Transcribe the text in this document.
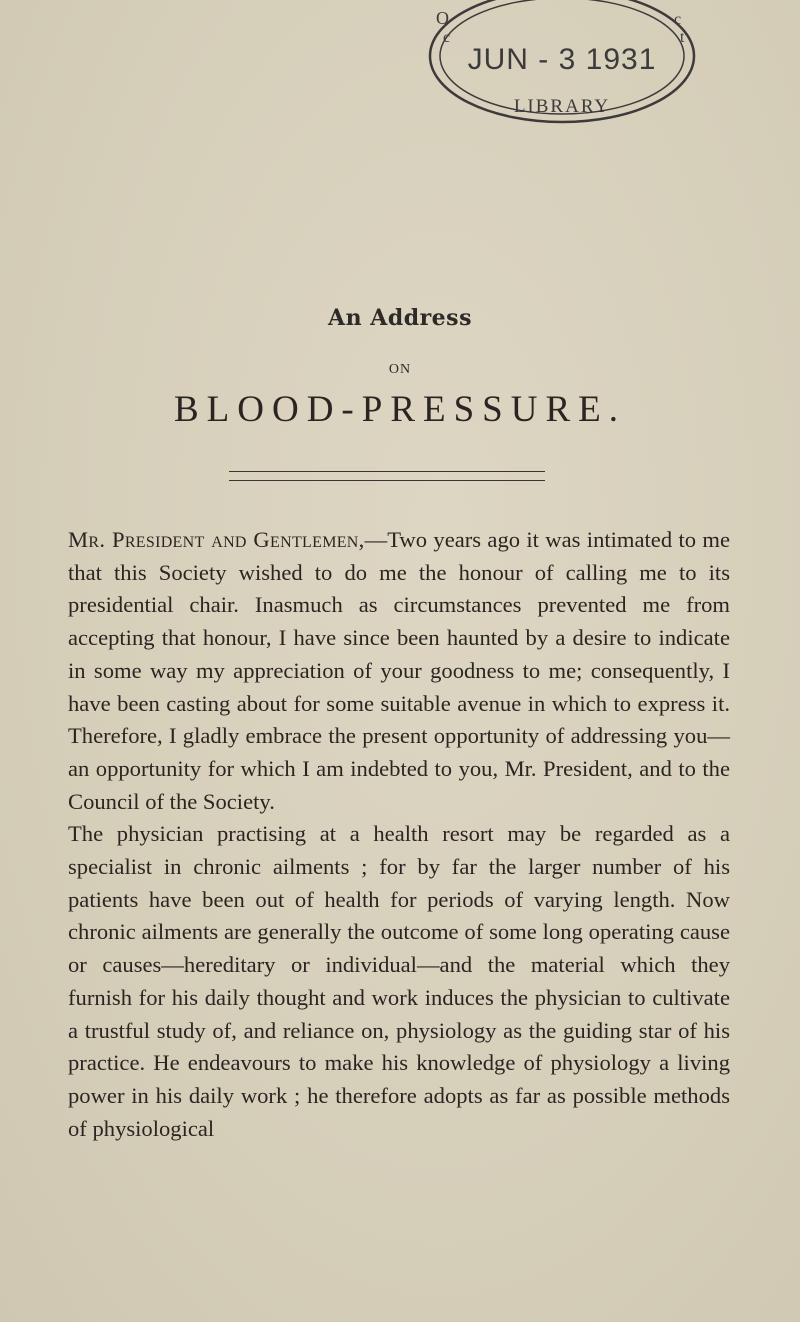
O
c
c
t
JUN - 3 1931
LIBRARY
An Address
ON
BLOOD-PRESSURE.

Mr. President and Gentlemen,—Two years ago it was intimated to me that this Society wished to do me the honour of calling me to its presidential chair. Inasmuch as circumstances prevented me from accepting that honour, I have since been haunted by a desire to indicate in some way my appreciation of your goodness to me; consequently, I have been casting about for some suitable avenue in which to express it. Therefore, I gladly embrace the present opportunity of addressing you—an opportunity for which I am indebted to you, Mr. President, and to the Council of the Society.

The physician practising at a health resort may be regarded as a specialist in chronic ailments ; for by far the larger number of his patients have been out of health for periods of varying length. Now chronic ailments are generally the outcome of some long operating cause or causes—hereditary or individual—and the material which they furnish for his daily thought and work induces the physician to cultivate a trustful study of, and reliance on, physiology as the guiding star of his practice. He endeavours to make his knowledge of physiology a living power in his daily work ; he therefore adopts as far as possible methods of physiological
